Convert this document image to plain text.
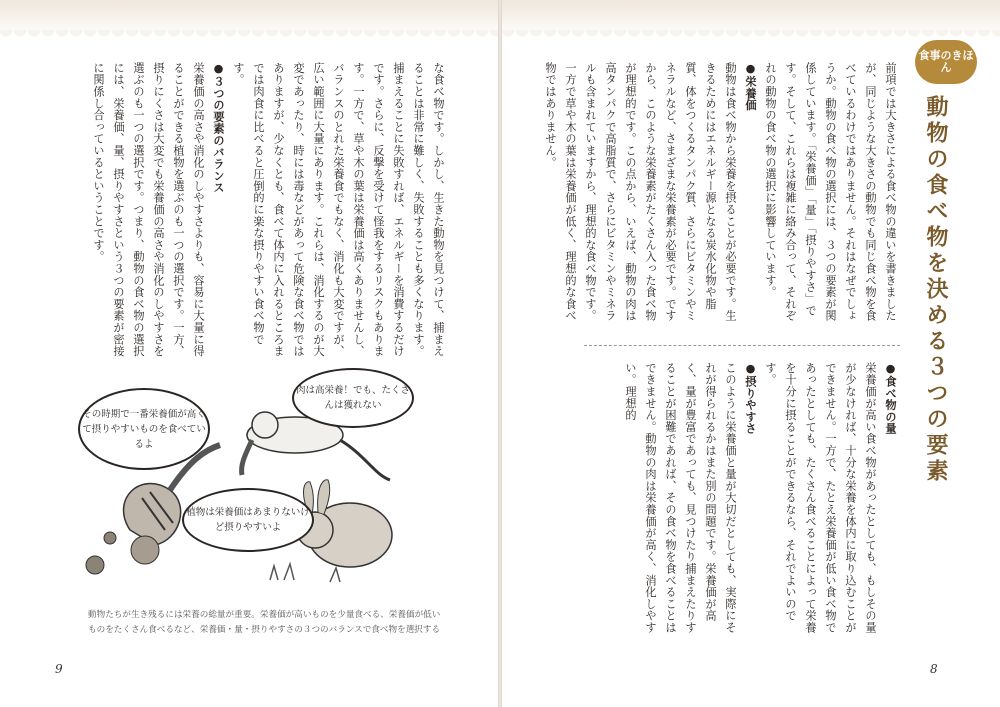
食事のきほん
動物の食べ物を決める３つの要素

前項では大きさによる食べ物の違いを書きましたが、同じような大きさの動物でも同じ食べ物を食べているわけではありません。それはなぜでしょうか。動物の食べ物の選択には、３つの要素が関係しています。「栄養価」「量」「摂りやすさ」です。そして、これらは複雑に絡み合って、それぞれの動物の食べ物の選択に影響しています。

●栄養価

動物は食べ物から栄養を摂ることが必要です。生きるためにはエネルギー源となる炭水化物や脂質、体をつくるタンパク質、さらにビタミンやミネラルなど、さまざまな栄養素が必要です。ですから、このような栄養素がたくさん入った食べ物が理想的です。この点から、いえば、動物の肉は高タンパクで高脂質で、さらにビタミンやミネラルも含まれていますから、理想的な食べ物です。一方で草や木の葉は栄養価が低く、理想的な食べ物ではありません。

●食べ物の量

栄養価が高い食べ物があったとしても、もしその量が少なければ、十分な栄養を体内に取り込むことができません。一方で、たとえ栄養価が低い食べ物であったとしても、たくさん食べることによって栄養を十分に摂ることができるなら、それでよいのです。

●摂りやすさ

このように栄養価と量が大切だとしても、実際にそれが得られるかはまた別の問題です。栄養価が高く、量が豊富であっても、見つけたり捕まえたりすることが困難であれば、その食べ物を食べることはできません。動物の肉は栄養価が高く、消化しやすい。理想的

8

な食べ物です。しかし、生きた動物を見つけて、捕まえることは非常に難しく、失敗することも多くなります。捕まえることに失敗すれば、エネルギーを消費するだけです。さらに、反撃を受けて怪我をするリスクもあります。一方で、草や木の葉は栄養価は高くありませんし、バランスのとれた栄養食でもなく、消化も大変ですが、広い範囲に大量にあります。これらは、消化するのが大変であったり、時には毒などがあって危険な食べ物ではありますが、少なくとも、食べて体内に入れるところまでは肉食に比べると圧倒的に楽な摂りやすい食べ物です。

●３つの要素のバランス

栄養価の高さや消化のしやすさよりも、容易に大量に得ることができる植物を選ぶのも一つの選択です。一方、摂りにくさは大変でも栄養価の高さや消化のしやすさを選ぶのも一つの選択です。つまり、動物の食べ物の選択には、栄養価、量、摂りやすさという３つの要素が密接に関係し合っているということです。

その時期で一番栄養価が高くて摂りやすいものを食べているよ
肉は高栄養！でも、たくさんは獲れない
植物は栄養価はあまりないけど摂りやすいよ
動物たちが生き残るには栄養の総量が重要。栄養価が高いものを少量食べる、栄養価が低いものをたくさん食べるなど、栄養価・量・摂りやすさの３つのバランスで食べ物を選択する
9
